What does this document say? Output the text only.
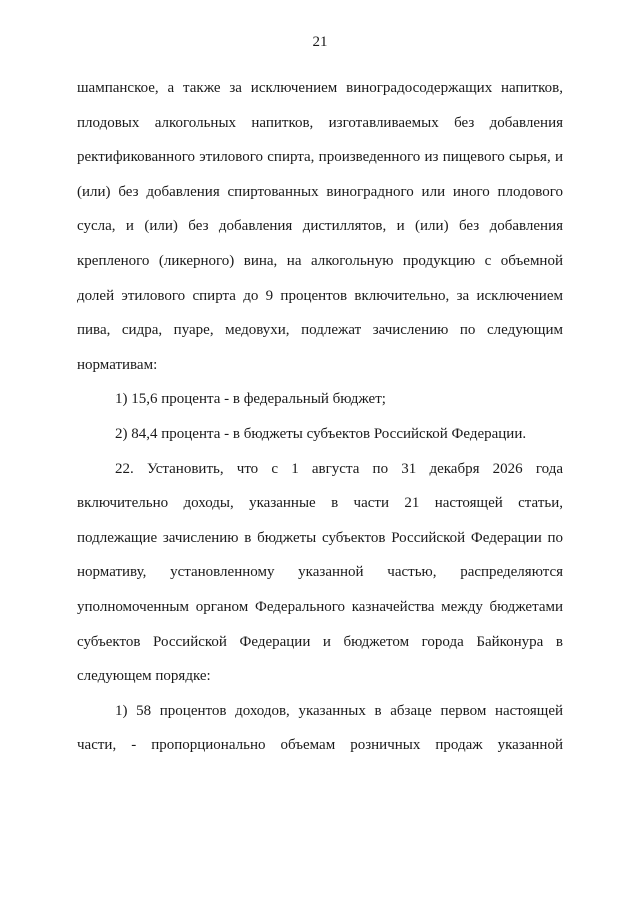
21
шампанское, а также за исключением виноградосодержащих напитков,
плодовых алкогольных напитков, изготавливаемых без добавления
ректификованного этилового спирта, произведенного из пищевого сырья, и
(или) без добавления спиртованных виноградного или иного плодового
сусла, и (или) без добавления дистиллятов, и (или) без добавления
крепленого (ликерного) вина, на алкогольную продукцию с объемной
долей этилового спирта до 9 процентов включительно, за исключением
пива, сидра, пуаре, медовухи, подлежат зачислению по следующим
нормативам:
1) 15,6 процента - в федеральный бюджет;
2) 84,4 процента - в бюджеты субъектов Российской Федерации.
22. Установить, что с 1 августа по 31 декабря 2026 года
включительно доходы, указанные в части 21 настоящей статьи,
подлежащие зачислению в бюджеты субъектов Российской Федерации по
нормативу, установленному указанной частью, распределяются
уполномоченным органом Федерального казначейства между бюджетами
субъектов Российской Федерации и бюджетом города Байконура в
следующем порядке:
1) 58 процентов доходов, указанных в абзаце первом настоящей
части, - пропорционально объемам розничных продаж указанной
